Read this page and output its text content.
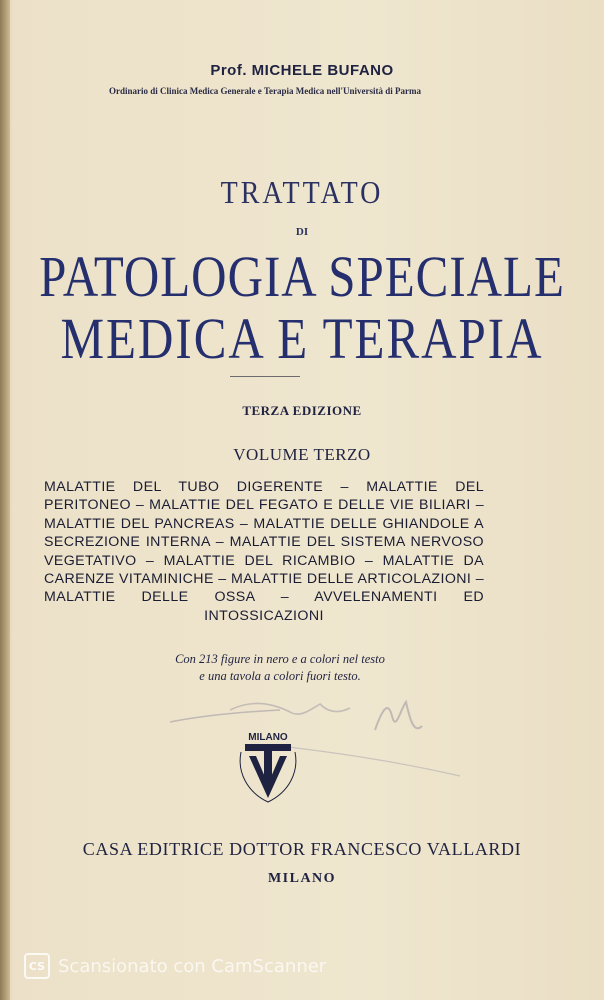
Prof. MICHELE BUFANO
Ordinario di Clinica Medica Generale e Terapia Medica nell'Università di Parma
TRATTATO
DI
PATOLOGIA SPECIALE
MEDICA E TERAPIA
TERZA EDIZIONE
VOLUME TERZO
MALATTIE DEL TUBO DIGERENTE – MALATTIE DEL PERITONEO – MALATTIE DEL FEGATO E DELLE VIE BILIARI – MALATTIE DEL PANCREAS – MALATTIE DELLE GHIANDOLE A SECREZIONE INTERNA – MALATTIE DEL SISTEMA NERVOSO VEGETATIVO – MALATTIE DEL RICAMBIO – MALATTIE DA CARENZE VITAMINICHE – MALATTIE DELLE ARTICOLAZIONI – MALATTIE DELLE OSSA – AVVELENAMENTI ED INTOSSICAZIONI
Con 213 figure in nero e a colori nel testo
e una tavola a colori fuori testo.
MILANO
CASA EDITRICE DOTTOR FRANCESCO VALLARDI
MILANO
CS Scansionato con CamScanner
